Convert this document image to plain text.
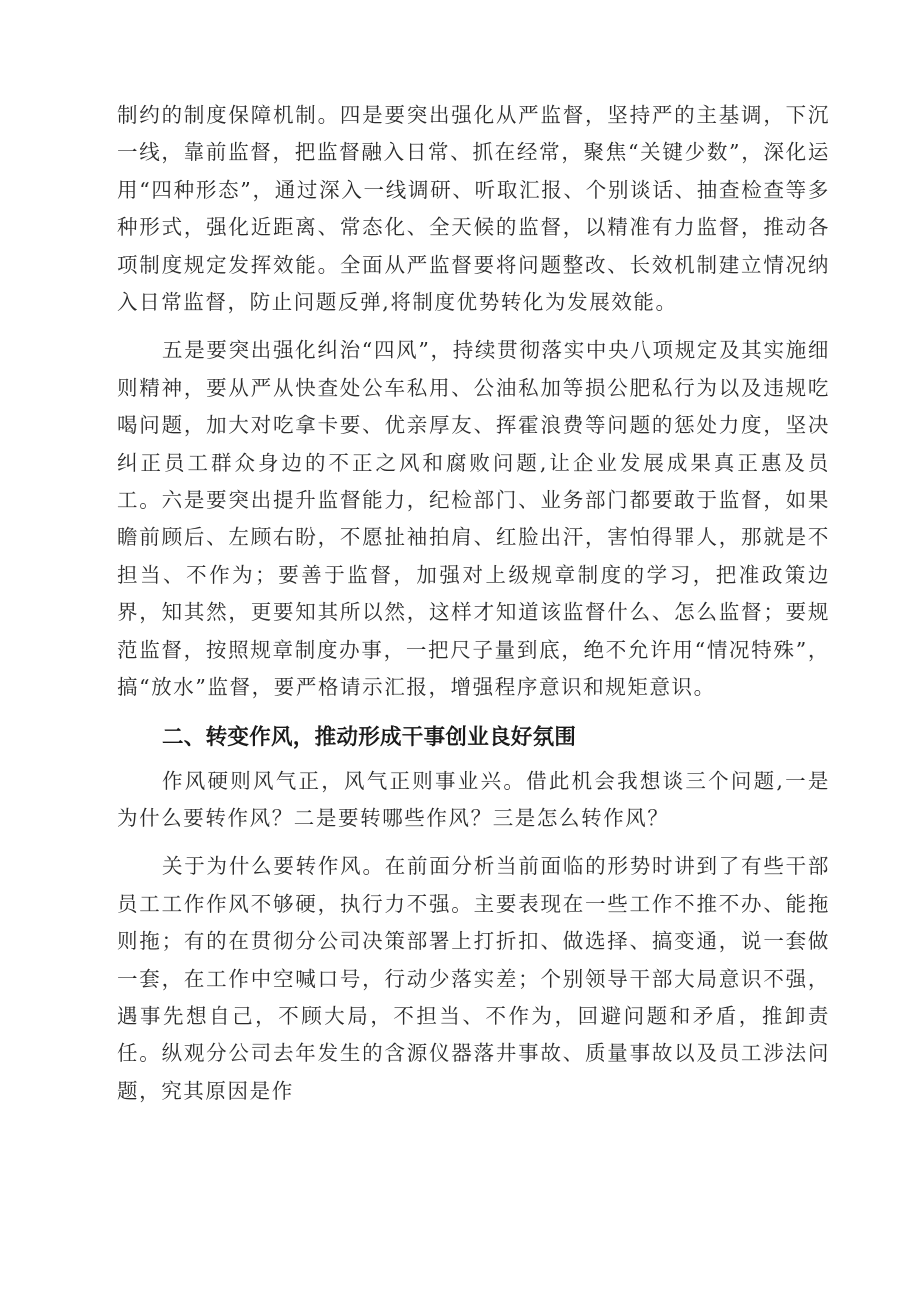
制约的制度保障机制。四是要突出强化从严监督，坚持严的主基调，下沉一线，靠前监督，把监督融入日常、抓在经常，聚焦“关键少数”，深化运用“四种形态”，通过深入一线调研、听取汇报、个别谈话、抽查检查等多种形式，强化近距离、常态化、全天候的监督，以精准有力监督，推动各项制度规定发挥效能。全面从严监督要将问题整改、长效机制建立情况纳入日常监督，防止问题反弹,将制度优势转化为发展效能。

五是要突出强化纠治“四风”，持续贯彻落实中央八项规定及其实施细则精神，要从严从快查处公车私用、公油私加等损公肥私行为以及违规吃喝问题，加大对吃拿卡要、优亲厚友、挥霍浪费等问题的惩处力度，坚决纠正员工群众身边的不正之风和腐败问题,让企业发展成果真正惠及员工。六是要突出提升监督能力，纪检部门、业务部门都要敢于监督，如果瞻前顾后、左顾右盼，不愿扯袖拍肩、红脸出汗，害怕得罪人，那就是不担当、不作为；要善于监督，加强对上级规章制度的学习，把准政策边界，知其然，更要知其所以然，这样才知道该监督什么、怎么监督；要规范监督，按照规章制度办事，一把尺子量到底，绝不允许用“情况特殊”，搞“放水”监督，要严格请示汇报，增强程序意识和规矩意识。

二、转变作风，推动形成干事创业良好氛围

作风硬则风气正，风气正则事业兴。借此机会我想谈三个问题,一是为什么要转作风？二是要转哪些作风？三是怎么转作风？

关于为什么要转作风。在前面分析当前面临的形势时讲到了有些干部员工工作作风不够硬，执行力不强。主要表现在一些工作不推不办、能拖则拖；有的在贯彻分公司决策部署上打折扣、做选择、搞变通，说一套做一套，在工作中空喊口号，行动少落实差；个别领导干部大局意识不强，遇事先想自己，不顾大局，不担当、不作为，回避问题和矛盾，推卸责任。纵观分公司去年发生的含源仪器落井事故、质量事故以及员工涉法问题，究其原因是作
